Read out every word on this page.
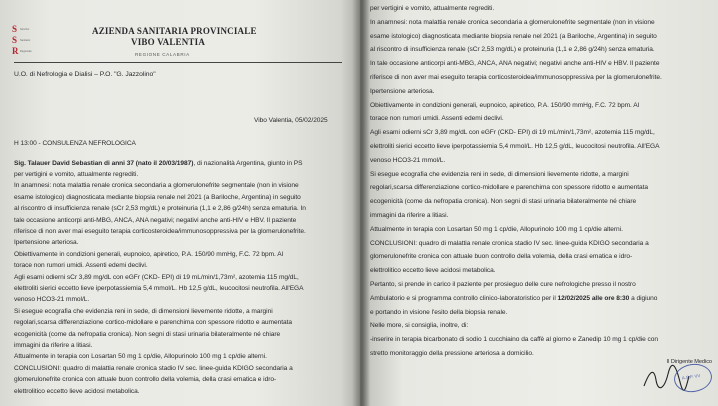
S
S
R
Servizio
Sanitario
Regionale

AZIENDA SANITARIA PROVINCIALE

VIBO VALENTIA

REGIONE CALABRIA

U.O. di Nefrologia e Dialisi – P.O. "G. Jazzolino"

Vibo Valentia, 05/02/2025

H 13:00 - CONSULENZA NEFROLOGICA

Sig. Talauer David Sebastian di anni 37 (nato il 20/03/1987), di nazionalità Argentina, giunto in PS

per vertigini e vomito, attualmente regrediti.

In anamnesi: nota malattia renale cronica secondaria a glomerulonefrite segmentale (non in visione

esame istologico) diagnosticata mediante biopsia renale nel 2021 (a Bariloche, Argentina) in seguito

al riscontro di insufficienza renale (sCr 2,53 mg/dL) e proteinuria (1,1 e 2,86 g/24h) senza ematuria. In

tale occasione anticorpi anti-MBG, ANCA, ANA negativi; negativi anche anti-HIV e HBV. Il paziente

riferisce di non aver mai eseguito terapia corticosteroidea/immunosoppressiva per la glomerulonefrite.

Ipertensione arteriosa.

Obiettivamente in condizioni generali, eupnoico, apiretico, P.A. 150/90 mmHg, F.C. 72 bpm. Al

torace non rumori umidi. Assenti edemi declivi.

Agli esami odierni sCr 3,89 mg/dL con eGFr (CKD- EPI) di 19 mL/min/1,73m², azotemia 115 mg/dL,

elettroliti sierici eccetto lieve iperpotassiemia 5,4 mmol/L. Hb 12,5 g/dL, leucocitosi neutrofila. All'EGA

venoso HCO3-21 mmol/L.

Si esegue ecografia che evidenzia reni in sede, di dimensioni lievemente ridotte, a margini

regolari,scarsa differenziazione cortico-midollare e parenchima con spessore ridotto e aumentata

ecogenicità (come da nefropatia cronica). Non segni di stasi urinaria bilateralmente né chiare

immagini da riferire a litiasi.

Attualmente in terapia con Losartan 50 mg 1 cp/die, Allopurinolo 100 mg 1 cp/die alterni.

CONCLUSIONI: quadro di malattia renale cronica stadio IV sec. linee-guida KDIGO secondaria a

glomerulonefrite cronica con attuale buon controllo della volemia, della crasi ematica e idro-

elettrolitico eccetto lieve acidosi metabolica.

per vertigini e vomito, attualmente regrediti.

In anamnesi: nota malattia renale cronica secondaria a glomerulonefrite segmentale (non in visione

esame istologico) diagnosticata mediante biopsia renale nel 2021 (a Bariloche, Argentina) in seguito

al riscontro di insufficienza renale (sCr 2,53 mg/dL) e proteinuria (1,1 e 2,86 g/24h) senza ematuria.

In tale occasione anticorpi anti-MBG, ANCA, ANA negativi; negativi anche anti-HIV e HBV. Il paziente

riferisce di non aver mai eseguito terapia corticosteroidea/immunosoppressiva per la glomerulonefrite.

Ipertensione arteriosa.

Obiettivamente in condizioni generali, eupnoico, apiretico, P.A. 150/90 mmHg, F.C. 72 bpm. Al

torace non rumori umidi. Assenti edemi declivi.

Agli esami odierni sCr 3,89 mg/dL con eGFr (CKD- EPI) di 19 mL/min/1,73m², azotemia 115 mg/dL,

elettroliti sierici eccetto lieve iperpotassiemia 5,4 mmol/L. Hb 12,5 g/dL, leucocitosi neutrofila. All'EGA

venoso HCO3-21 mmol/L.

Si esegue ecografia che evidenzia reni in sede, di dimensioni lievemente ridotte, a margini

regolari,scarsa differenziazione cortico-midollare e parenchima con spessore ridotto e aumentata

ecogenicità (come da nefropatia cronica). Non segni di stasi urinaria bilateralmente né chiare

immagini da riferire a litiasi.

Attualmente in terapia con Losartan 50 mg 1 cp/die, Allopurinolo 100 mg 1 cp/die alterni.

CONCLUSIONI: quadro di malattia renale cronica stadio IV sec. linee-guida KDIGO secondaria a

glomerulonefrite cronica con attuale buon controllo della volemia, della crasi ematica e idro-

elettrolitico eccetto lieve acidosi metabolica.

Pertanto, si prende in carico il paziente per prosieguo delle cure nefrologiche presso il nostro

Ambulatorio e si programma controllo clinico-laboratoristico per il 12/02/2025 alle ore 8:30 a digiuno

e portando in visione l'esito della biopsia renale.

Nelle more, si consiglia, inoltre, di:

-inserire in terapia bicarbonato di sodio 1 cucchiaino da caffè al giorno e Zanedip 10 mg 1 cp/die con

stretto monitoraggio della pressione arteriosa a domicilio.

Il Dirigente Medico

A.S.P. VV
